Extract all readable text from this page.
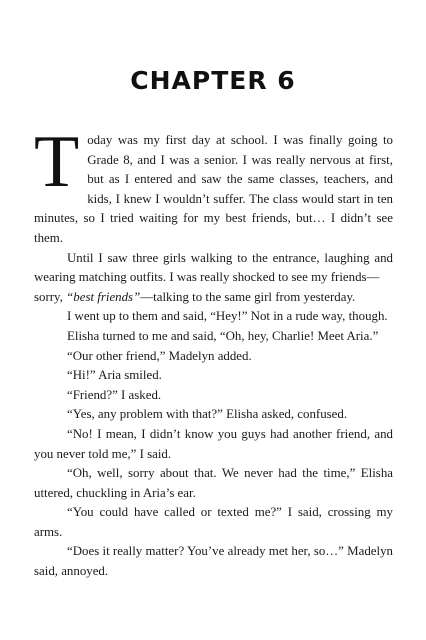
CHAPTER 6

Today was my first day at school. I was finally going to Grade 8, and I was a senior. I was really nervous at first, but as I entered and saw the same classes, teachers, and kids, I knew I wouldn’t suffer. The class would start in ten minutes, so I tried waiting for my best friends, but… I didn’t see them.

Until I saw three girls walking to the entrance, laughing and wearing matching outfits. I was really shocked to see my friends—

sorry, “best friends”—talking to the same girl from yesterday.

I went up to them and said, “Hey!” Not in a rude way, though.

Elisha turned to me and said, “Oh, hey, Charlie! Meet Aria.”

“Our other friend,” Madelyn added.

“Hi!” Aria smiled.

“Friend?” I asked.

“Yes, any problem with that?” Elisha asked, confused.

“No! I mean, I didn’t know you guys had another friend, and you never told me,” I said.

“Oh, well, sorry about that. We never had the time,” Elisha uttered, chuckling in Aria’s ear.

“You could have called or texted me?” I said, crossing my arms.

“Does it really matter? You’ve already met her, so…” Madelyn said, annoyed.
